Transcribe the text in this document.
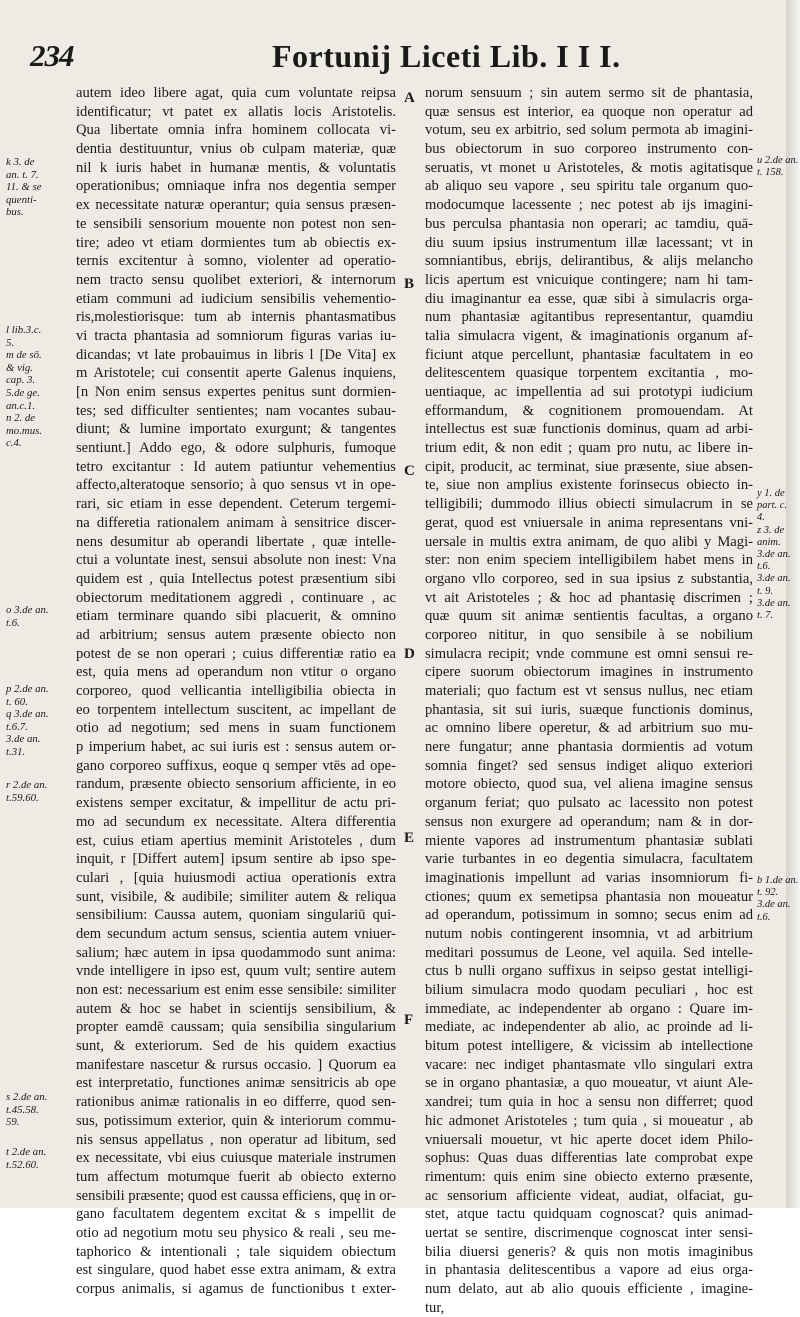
234	Fortunij Liceti Lib. I I I.
autem ideo libere agat, quia cum voluntate reipsa
identificatur; vt patet ex allatis locis Aristotelis.
Qua libertate omnia infra hominem collocata vi-
dentia destituuntur, vnius ob culpam materiæ, quæ
nil k iuris habet in humanæ mentis, & voluntatis
operationibus; omniaque infra nos degentia semper
ex necessitate naturæ operantur; quia sensus præsen-
te sensibili sensorium mouente non potest non sen-
tire; adeo vt etiam dormientes tum ab obiectis ex-
ternis excitentur à somno, violenter ad operatio-
nem tracto sensu quolibet exteriori, & internorum
etiam communi ad iudicium sensibilis vehementio-
ris,molestiorisque: tum ab internis phantasmatibus
vi tracta phantasia ad somniorum figuras varias iu-
dicandas; vt late probauimus in libris l [De Vita] ex
m Aristotele; cui consentit aperte Galenus inquiens,
[n Non enim sensus expertes penitus sunt dormien-
tes; sed difficulter sentientes; nam vocantes subau-
diunt; & lumine importato exurgunt; & tangentes
sentiunt.] Addo ego, & odore sulphuris, fumoque
tetro excitantur : Id autem patiuntur vehementius
affecto,alteratoque sensorio; à quo sensus vt in ope-
rari, sic etiam in esse dependent. Ceterum tergemi-
na differetia rationalem animam à sensitrice discer-
nens desumitur ab operandi libertate , quæ intelle-
ctui a voluntate inest, sensui absolute non inest: Vna
quidem est , quia Intellectus potest præsentium sibi
obiectorum meditationem aggredi , continuare , ac
etiam terminare quando sibi placuerit, & omnino
ad arbitrium; sensus autem præsente obiecto non
potest de se non operari ; cuius differentiæ ratio ea
est, quia mens ad operandum non vtitur o organo
corporeo, quod vellicantia intelligibilia obiecta in
eo torpentem intellectum suscitent, ac impellant de
otio ad negotium; sed mens in suam functionem
p imperium habet, ac sui iuris est : sensus autem or-
gano corporeo suffixus, eoque q semper vtēs ad ope-
randum, præsente obiecto sensorium afficiente, in eo
existens semper excitatur, & impellitur de actu pri-
mo ad secundum ex necessitate. Altera differentia
est, cuius etiam apertius meminit Aristoteles , dum
inquit, r [Differt autem] ipsum sentire ab ipso spe-
culari , [quia huiusmodi actiua operationis extra
sunt, visibile, & audibile; similiter autem & reliqua
sensibilium: Caussa autem, quoniam singulariū qui-
dem secundum actum sensus, scientia autem vniuer-
salium; hæc autem in ipsa quodammodo sunt anima:
vnde intelligere in ipso est, quum vult; sentire autem
non est: necessarium est enim esse sensibile: similiter
autem & hoc se habet in scientijs sensibilium, &
propter eamdē caussam; quia sensibilia singularium
sunt, & exteriorum. Sed de his quidem exactius
manifestare nascetur & rursus occasio. ] Quorum ea
est interpretatio, functiones animæ sensitricis ab ope
rationibus animæ rationalis in eo differre, quod sen-
sus, potissimum exterior, quin & interiorum commu-
nis sensus appellatus , non operatur ad libitum, sed
ex necessitate, vbi eius cuiusque materiale instrumen
tum affectum motumque fuerit ab obiecto externo
sensibili præsente; quod est caussa efficiens, quę in or-
gano facultatem degentem excitat & s impellit de
otio ad negotium motu seu physico & reali , seu me-
taphorico & intentionali ; tale siquidem obiectum
est singulare, quod habet esse extra animam, & extra
corpus animalis, si agamus de functionibus t exter-
norum sensuum ; sin autem sermo sit de phantasia,
quæ sensus est interior, ea quoque non operatur ad
votum, seu ex arbitrio, sed solum permota ab imagini-
bus obiectorum in suo corporeo instrumento con-
seruatis, vt monet u Aristoteles, & motis agitatisque
ab aliquo seu vapore , seu spiritu tale organum quo-
modocumque lacessente ; nec potest ab ijs imagini-
bus perculsa phantasia non operari; ac tamdiu, quā-
diu suum ipsius instrumentum illæ lacessant; vt in
somniantibus, ebrijs, delirantibus, & alijs melancho
licis apertum est vnicuique contingere; nam hi tam-
diu imaginantur ea esse, quæ sibi à simulacris orga-
num phantasiæ agitantibus representantur, quamdiu
talia simulacra vigent, & imaginationis organum af-
ficiunt atque percellunt, phantasiæ facultatem in eo
delitescentem quasique torpentem excitantia , mo-
uentiaque, ac impellentia ad sui prototypi iudicium
efformandum, & cognitionem promouendam. At
intellectus est suæ functionis dominus, quam ad arbi-
trium edit, & non edit ; quam pro nutu, ac libere in-
cipit, producit, ac terminat, siue præsente, siue absen-
te, siue non amplius existente forinsecus obiecto in-
telligibili; dummodo illius obiecti simulacrum in se
gerat, quod est vniuersale in anima representans vni-
uersale in multis extra animam, de quo alibi y Magi-
ster: non enim speciem intelligibilem habet mens in
organo vllo corporeo, sed in sua ipsius z substantia,
vt ait Aristoteles ; & hoc ad phantasię discrimen ;
quæ quum sit animæ sentientis facultas, a organo
corporeo nititur, in quo sensibile à se nobilium
simulacra recipit; vnde commune est omni sensui re-
cipere suorum obiectorum imagines in instrumento
materiali; quo factum est vt sensus nullus, nec etiam
phantasia, sit sui iuris, suæque functionis dominus,
ac omnino libere operetur, & ad arbitrium suo mu-
nere fungatur; anne phantasia dormientis ad votum
somnia finget? sed sensus indiget aliquo exteriori
motore obiecto, quod sua, vel aliena imagine sensus
organum feriat; quo pulsato ac lacessito non potest
sensus non exurgere ad operandum; nam & in dor-
miente vapores ad instrumentum phantasiæ sublati
varie turbantes in eo degentia simulacra, facultatem
imaginationis impellunt ad varias insomniorum fi-
ctiones; quum ex semetipsa phantasia non moueatur
ad operandum, potissimum in somno; secus enim ad
nutum nobis contingerent insomnia, vt ad arbitrium
meditari possumus de Leone, vel aquila. Sed intelle-
ctus b nulli organo suffixus in seipso gestat intelligi-
bilium simulacra modo quodam peculiari , hoc est
immediate, ac independenter ab organo : Quare im-
mediate, ac independenter ab alio, ac proinde ad li-
bitum potest intelligere, & vicissim ab intellectione
vacare: nec indiget phantasmate vllo singulari extra
se in organo phantasiæ, a quo moueatur, vt aiunt Ale-
xandrei; tum quia in hoc a sensu non differret; quod
hic admonet Aristoteles ; tum quia , si moueatur , ab
vniuersali mouetur, vt hic aperte docet idem Philo-
sophus: Quas duas differentias late comprobat expe
rimentum: quis enim sine obiecto externo præsente,
ac sensorium afficiente videat, audiat, olfaciat, gu-
stet, atque tactu quidquam cognoscat? quis animad-
uertat se sentire, discrimenque cognoscat inter sensi-
bilia diuersi generis? & quis non motis imaginibus
in phantasia delitescentibus a vapore ad eius orga-
num delato, aut ab alio quouis efficiente , imagine-
tur,
k 3. de
an. t. 7.
11. & se
quenti-
bus.
l lib.3.c.
5.
m de sō.
& vig.
cap. 3.
5.de ge.
an.c.1.
n 2. de
mo.mus.
c.4.
o 3.de an.
t.6.
p 2.de an.
t. 60.
q 3.de an.
t.6.7.
3.de an.
t.31.
r 2.de an.
t.59.60.
s 2.de an.
t.45.58.
59.
t 2.de an.
t.52.60.
u 2.de an.
t. 158.
y 1. de
part. c.
4.
z 3. de
anim.
3.de an.
t.6.
3.de an.
t. 9.
3.de an.
t. 7.
b 1.de an.
t. 92.
3.de an.
t.6.
A
B
C
D
E
F
